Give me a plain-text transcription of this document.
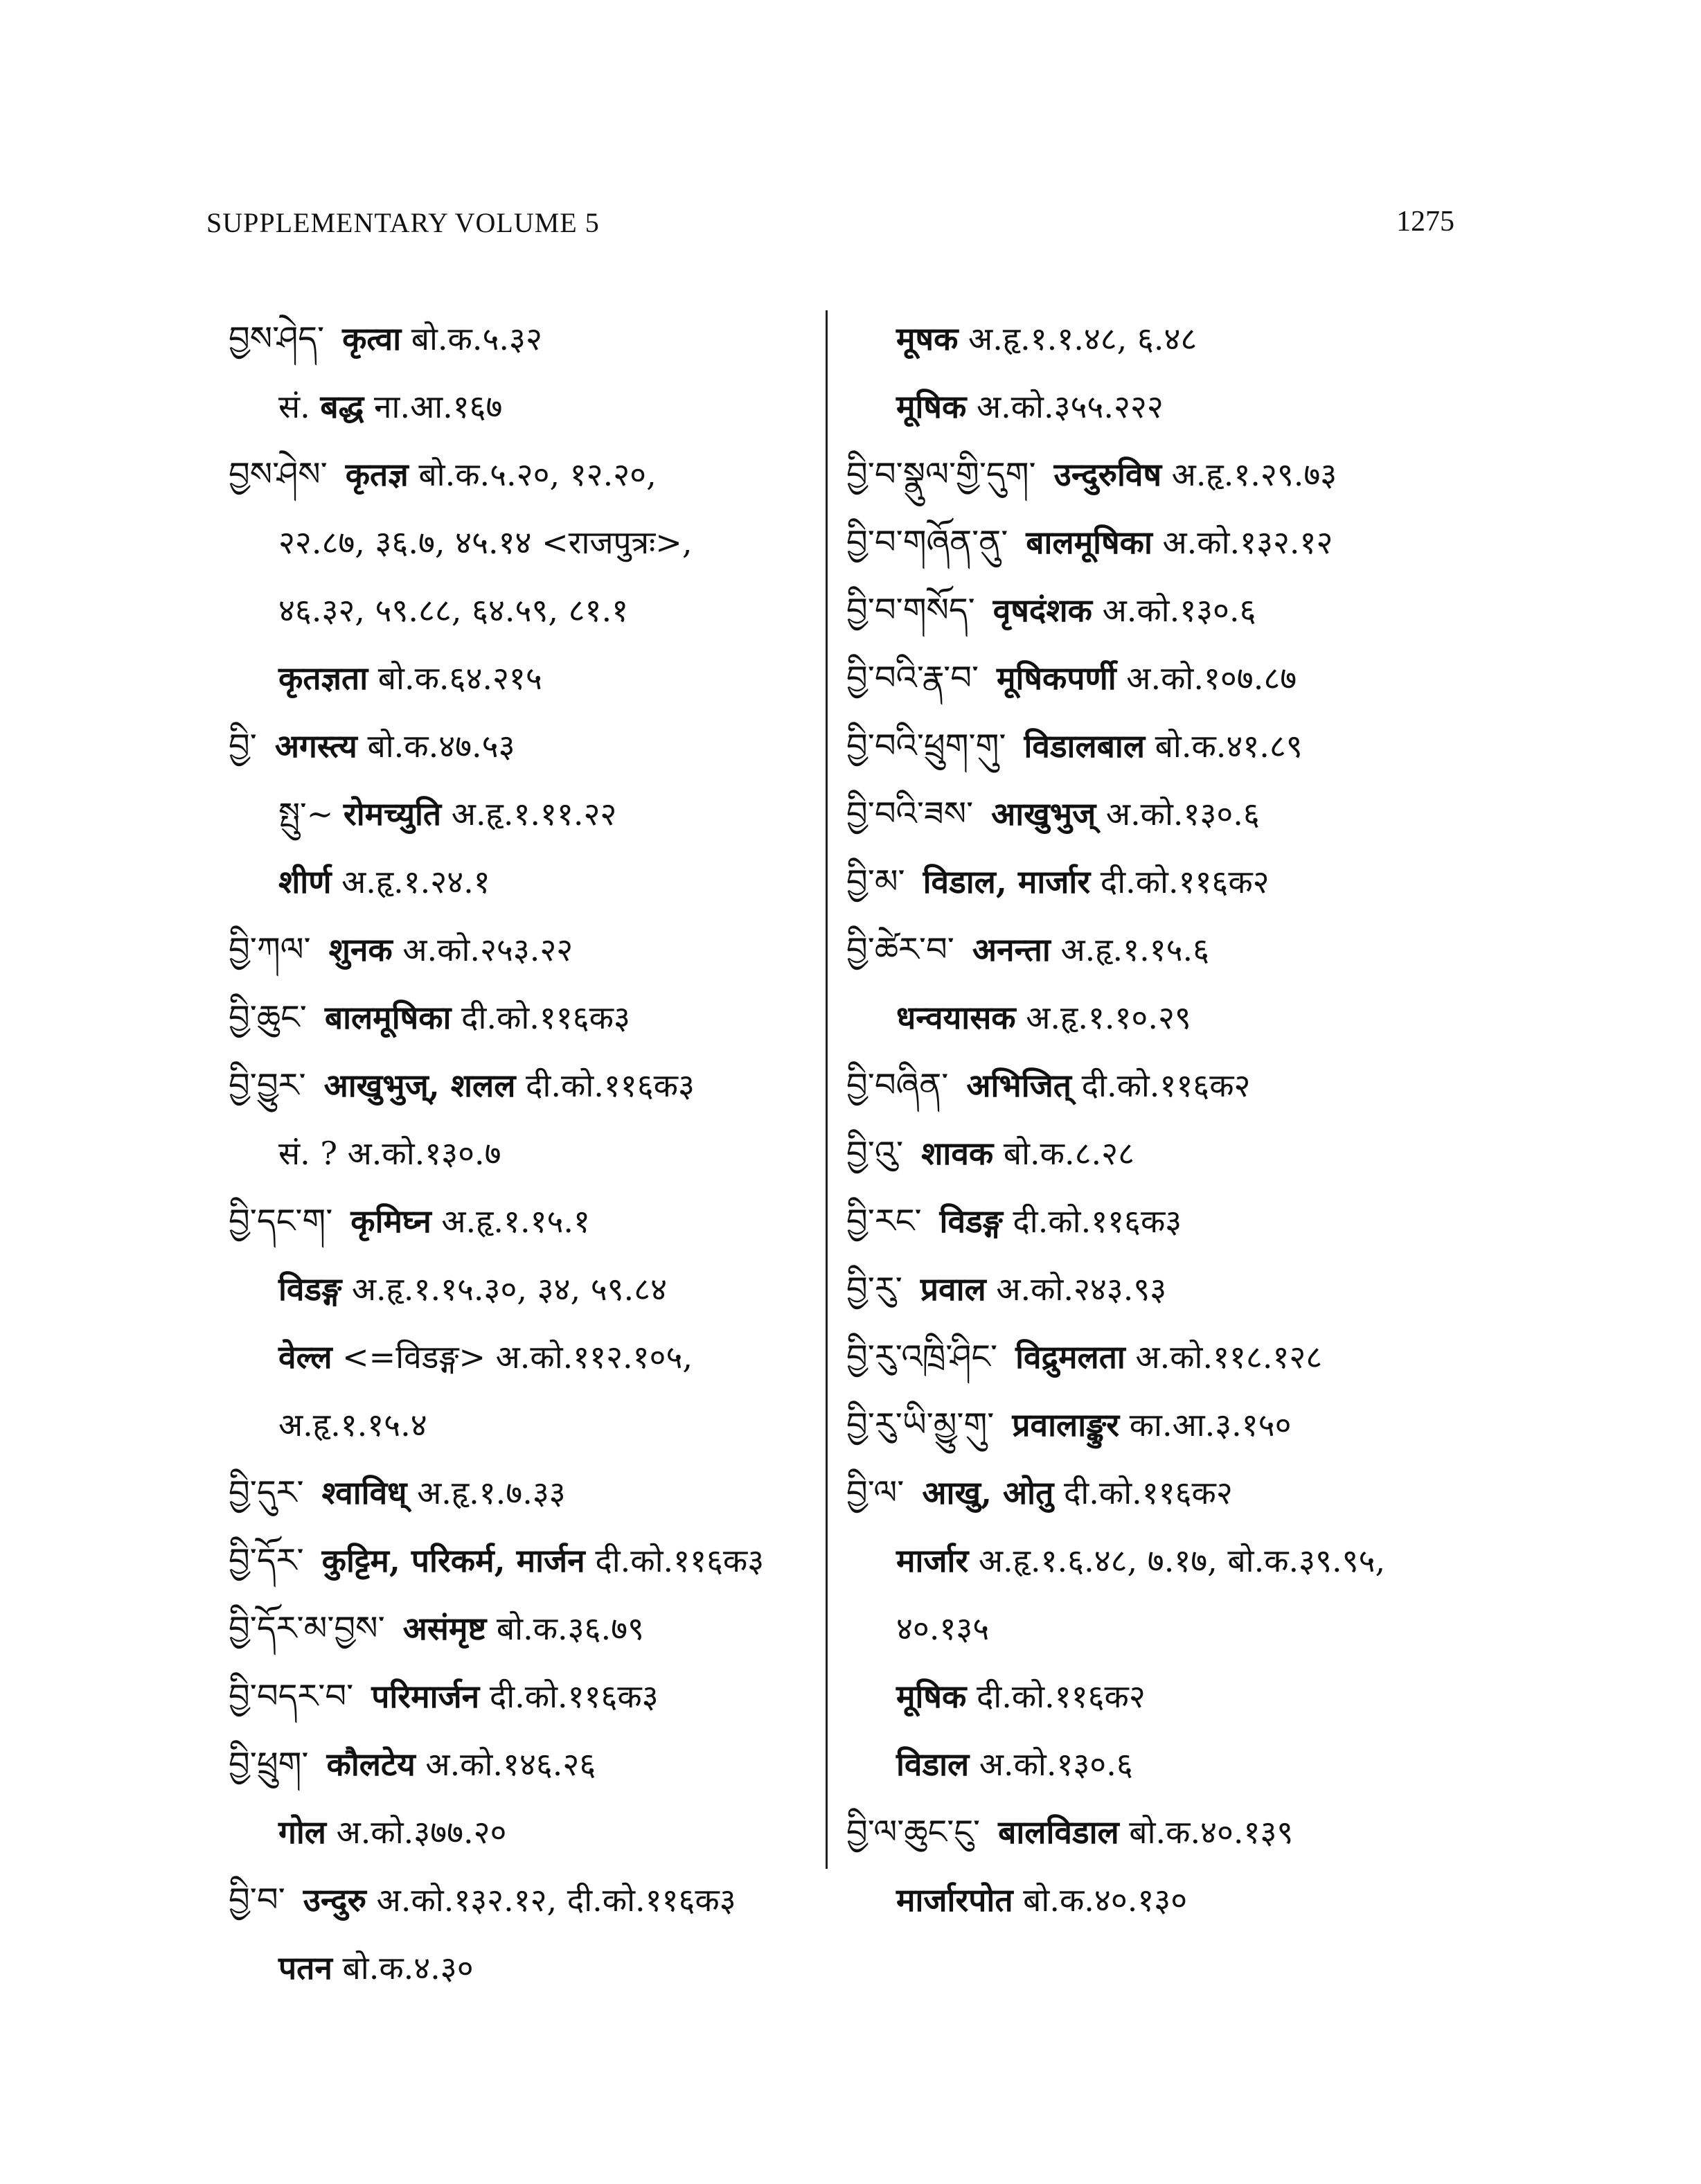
SUPPLEMENTARY VOLUME 5	1275
བྱས་ཤེད་ कृत्वा बो.क.५.३२
सं. बद्ध ना.आ.१६७
བྱས་ཤེས་ कृतज्ञ बो.क.५.२०, १२.२०,
२२.८७, ३६.७, ४५.१४ <राजपुत्रः>,
४६.३२, ५९.८८, ६४.५९, ८१.१
कृतज्ञता बो.क.६४.२१५
བྱི་ अगस्त्य बो.क.४७.५३
སྤུ་~ रोमच्युति अ.हृ.१.११.२२
शीर्ण अ.हृ.१.२४.१
བྱི་ཀལ་ शुनक अ.को.२५३.२२
བྱི་ཆུང་ बालमूषिका दी.को.११६क३
བྱི་བྱུར་ आखुभुज्, शलल दी.को.११६क३
सं. ? अ.को.१३०.७
བྱི་དང་ག་ कृमिघ्न अ.हृ.१.१५.१
विडङ्ग अ.हृ.१.१५.३०, ३४, ५९.८४
वेल्ल <=विडङ्ग> अ.को.११२.१०५,
अ.हृ.१.१५.४
བྱི་དུར་ श्वाविध् अ.हृ.१.७.३३
བྱི་དོར་ कुट्टिम, परिकर्म, मार्जन दी.को.११६क३
བྱི་དོར་མ་བྱས་ असंमृष्ट बो.क.३६.७९
བྱི་བདར་བ་ परिमार्जन दी.को.११६क३
བྱི་ཕྲུག་ कौलटेय अ.को.१४६.२६
गोल अ.को.३७७.२०
བྱི་བ་ उन्दुरु अ.को.१३२.१२, दी.को.११६क३
पतन बो.क.४.३०
मूषक अ.हृ.१.१.४८, ६.४८
मूषिक अ.को.३५५.२२२
བྱི་བ་སྣུལ་གྱི་དུག་ उन्दुरुविष अ.हृ.१.२९.७३
བྱི་བ་གཞོན་ནུ་ बालमूषिका अ.को.१३२.१२
བྱི་བ་གསོད་ वृषदंशक अ.को.१३०.६
བྱི་བའི་རྣ་བ་ मूषिकपर्णी अ.को.१०७.८७
བྱི་བའི་ཕྲུག་གུ་ विडालबाल बो.क.४१.८९
བྱི་བའི་ཟས་ आखुभुज् अ.को.१३०.६
བྱི་མ་ विडाल, मार्जार दी.को.११६क२
བྱི་ཚེར་བ་ अनन्ता अ.हृ.१.१५.६
धन्वयासक अ.हृ.१.१०.२९
བྱི་བཞིན་ अभिजित् दी.को.११६क२
བྱི་འུ་ शावक बो.क.८.२८
བྱི་རང་ विडङ्ग दी.को.११६क३
བྱི་རུ་ प्रवाल अ.को.२४३.९३
བྱི་རུ་འཁྲི་ཤིང་ विद्रुमलता अ.को.११८.१२८
བྱི་རུ་ཡི་མྱུ་གུ་ प्रवालाङ्कुर का.आ.३.१५०
བྱི་ལ་ आखु, ओतु दी.को.११६क२
मार्जार अ.हृ.१.६.४८, ७.१७, बो.क.३९.९५,
४०.१३५
मूषिक दी.को.११६क२
विडाल अ.को.१३०.६
བྱི་ལ་ཆུང་ངུ་ बालविडाल बो.क.४०.१३९
मार्जारपोत बो.क.४०.१३०
